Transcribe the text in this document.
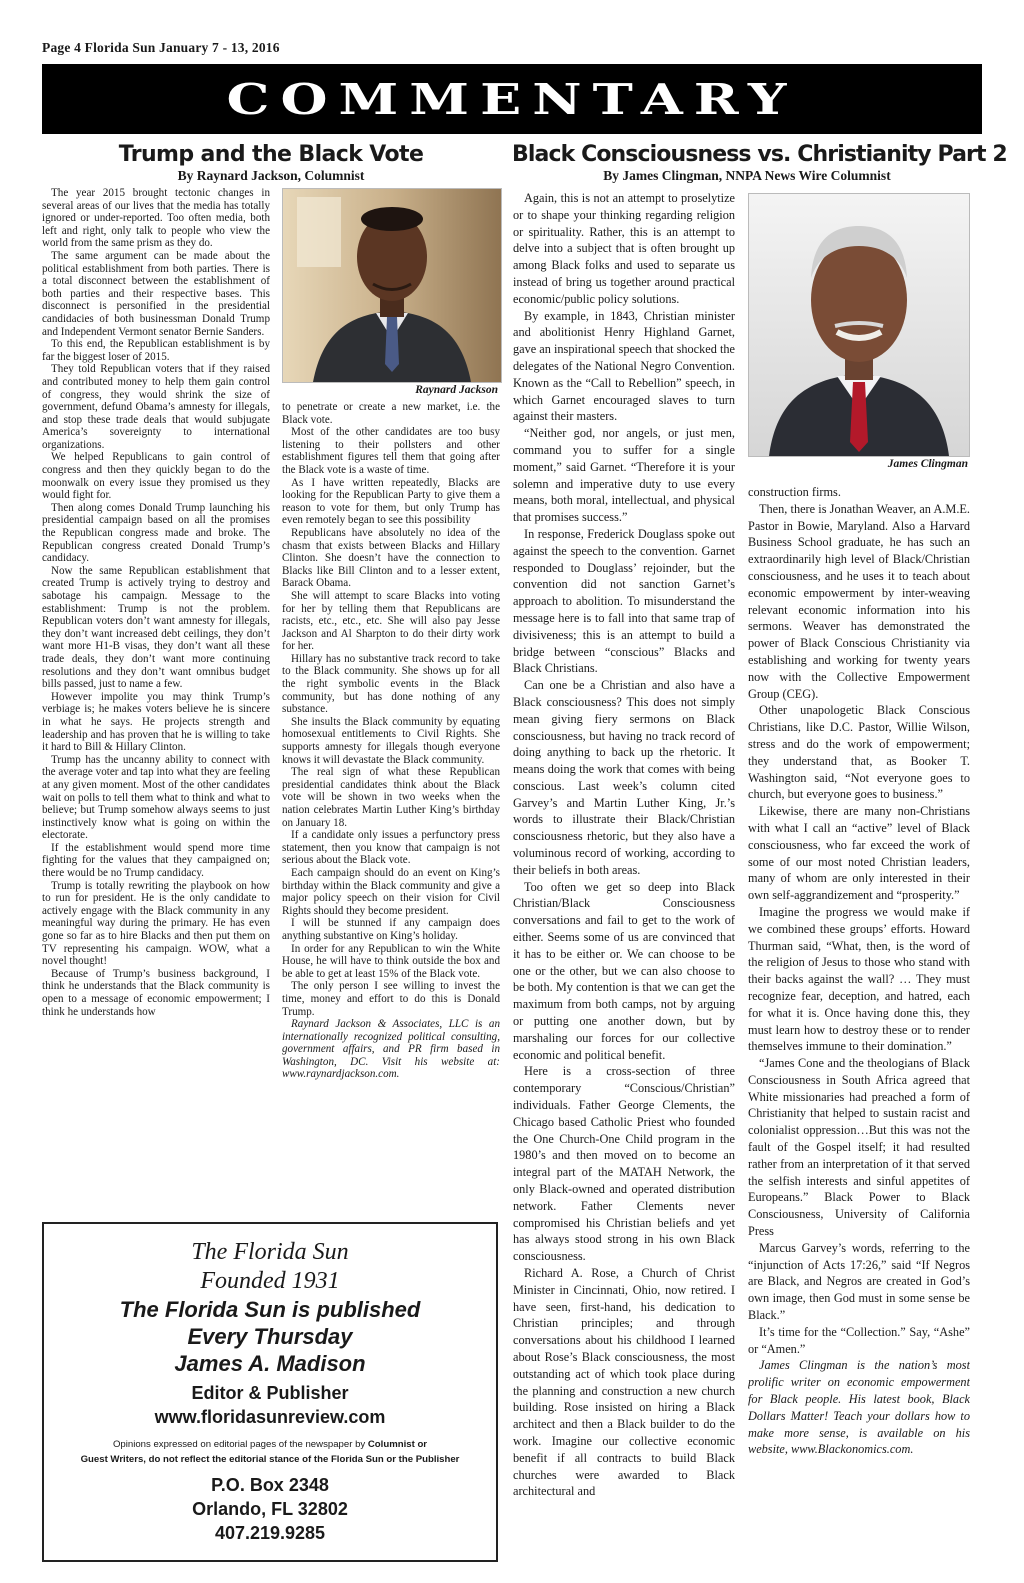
Page 4 Florida Sun January 7 - 13, 2016
COMMENTARY
Trump and the Black Vote
By Raynard Jackson, Columnist

The year 2015 brought tectonic changes in several areas of our lives that the media has totally ignored or under-reported. Too often media, both left and right, only talk to people who view the world from the same prism as they do.

The same argument can be made about the political establishment from both parties. There is a total disconnect between the establishment of both parties and their respective bases. This disconnect is personified in the presidential candidacies of both businessman Donald Trump and Independent Vermont senator Bernie Sanders.

To this end, the Republican establishment is by far the biggest loser of 2015.

They told Republican voters that if they raised and contributed money to help them gain control of congress, they would shrink the size of government, defund Obama’s amnesty for illegals, and stop these trade deals that would subjugate America’s sovereignty to international organizations.

We helped Republicans to gain control of congress and then they quickly began to do the moonwalk on every issue they promised us they would fight for.

Then along comes Donald Trump launching his presidential campaign based on all the promises the Republican congress made and broke. The Republican congress created Donald Trump’s candidacy.

Now the same Republican establishment that created Trump is actively trying to destroy and sabotage his campaign. Message to the establishment: Trump is not the problem. Republican voters don’t want amnesty for illegals, they don’t want increased debt ceilings, they don’t want more H1-B visas, they don’t want all these trade deals, they don’t want more continuing resolutions and they don’t want omnibus budget bills passed, just to name a few.

However impolite you may think Trump’s verbiage is; he makes voters believe he is sincere in what he says. He projects strength and leadership and has proven that he is willing to take it hard to Bill & Hillary Clinton.

Trump has the uncanny ability to connect with the average voter and tap into what they are feeling at any given moment. Most of the other candidates wait on polls to tell them what to think and what to believe; but Trump somehow always seems to just instinctively know what is going on within the electorate.

If the establishment would spend more time fighting for the values that they campaigned on; there would be no Trump candidacy.

Trump is totally rewriting the playbook on how to run for president. He is the only candidate to actively engage with the Black community in any meaningful way during the primary. He has even gone so far as to hire Blacks and then put them on TV representing his campaign. WOW, what a novel thought!

Because of Trump’s business background, I think he understands that the Black community is open to a message of economic empowerment; I think he understands how

Raynard Jackson

to penetrate or create a new market, i.e. the Black vote.

Most of the other candidates are too busy listening to their pollsters and other establishment figures tell them that going after the Black vote is a waste of time.

As I have written repeatedly, Blacks are looking for the Republican Party to give them a reason to vote for them, but only Trump has even remotely began to see this possibility

Republicans have absolutely no idea of the chasm that exists between Blacks and Hillary Clinton. She doesn’t have the connection to Blacks like Bill Clinton and to a lesser extent, Barack Obama.

She will attempt to scare Blacks into voting for her by telling them that Republicans are racists, etc., etc., etc. She will also pay Jesse Jackson and Al Sharpton to do their dirty work for her.

Hillary has no substantive track record to take to the Black community. She shows up for all the right symbolic events in the Black community, but has done nothing of any substance.

She insults the Black community by equating homosexual entitlements to Civil Rights. She supports amnesty for illegals though everyone knows it will devastate the Black community.

The real sign of what these Republican presidential candidates think about the Black vote will be shown in two weeks when the nation celebrates Martin Luther King’s birthday on January 18.

If a candidate only issues a perfunctory press statement, then you know that campaign is not serious about the Black vote.

Each campaign should do an event on King’s birthday within the Black community and give a major policy speech on their vision for Civil Rights should they become president.

I will be stunned if any campaign does anything substantive on King’s holiday.

In order for any Republican to win the White House, he will have to think outside the box and be able to get at least 15% of the Black vote.

The only person I see willing to invest the time, money and effort to do this is Donald Trump.

Raynard Jackson & Associates, LLC is an internationally recognized political consulting, government affairs, and PR firm based in Washington, DC. Visit his website at: www.raynardjackson.com.

The Florida Sun
Founded 1931
The Florida Sun is published
Every Thursday
James A. Madison
Editor & Publisher
www.floridasunreview.com
Opinions expressed on editorial pages of the newspaper by Columnist or
Guest Writers, do not reflect the editorial stance of the Florida Sun or the Publisher
P.O. Box 2348
Orlando, FL 32802
407.219.9285
Black Consciousness vs. Christianity Part 2
By James Clingman, NNPA News Wire Columnist

Again, this is not an attempt to proselytize or to shape your thinking regarding religion or spirituality. Rather, this is an attempt to delve into a subject that is often brought up among Black folks and used to separate us instead of bring us together around practical economic/public policy solutions.

By example, in 1843, Christian minister and abolitionist Henry Highland Garnet, gave an inspirational speech that shocked the delegates of the National Negro Convention. Known as the “Call to Rebellion” speech, in which Garnet encouraged slaves to turn against their masters.

“Neither god, nor angels, or just men, command you to suffer for a single moment,” said Garnet. “Therefore it is your solemn and imperative duty to use every means, both moral, intellectual, and physical that promises success.”

In response, Frederick Douglass spoke out against the speech to the convention. Garnet responded to Douglass’ rejoinder, but the convention did not sanction Garnet’s approach to abolition. To misunderstand the message here is to fall into that same trap of divisiveness; this is an attempt to build a bridge between “conscious” Blacks and Black Christians.

Can one be a Christian and also have a Black consciousness? This does not simply mean giving fiery sermons on Black consciousness, but having no track record of doing anything to back up the rhetoric. It means doing the work that comes with being conscious. Last week’s column cited Garvey’s and Martin Luther King, Jr.’s words to illustrate their Black/Christian consciousness rhetoric, but they also have a voluminous record of working, according to their beliefs in both areas.

Too often we get so deep into Black Christian/Black Consciousness conversations and fail to get to the work of either. Seems some of us are convinced that it has to be either or. We can choose to be one or the other, but we can also choose to be both. My contention is that we can get the maximum from both camps, not by arguing or putting one another down, but by marshaling our forces for our collective economic and political benefit.

Here is a cross-section of three contemporary “Conscious/Christian” individuals. Father George Clements, the Chicago based Catholic Priest who founded the One Church-One Child program in the 1980’s and then moved on to become an integral part of the MATAH Network, the only Black-owned and operated distribution network. Father Clements never compromised his Christian beliefs and yet has always stood strong in his own Black consciousness.

Richard A. Rose, a Church of Christ Minister in Cincinnati, Ohio, now retired. I have seen, first-hand, his dedication to Christian principles; and through conversations about his childhood I learned about Rose’s Black consciousness, the most outstanding act of which took place during the planning and construction a new church building. Rose insisted on hiring a Black architect and then a Black builder to do the work. Imagine our collective economic benefit if all contracts to build Black churches were awarded to Black architectural and

James Clingman

construction firms.

Then, there is Jonathan Weaver, an A.M.E. Pastor in Bowie, Maryland. Also a Harvard Business School graduate, he has such an extraordinarily high level of Black/Christian consciousness, and he uses it to teach about economic empowerment by inter-weaving relevant economic information into his sermons. Weaver has demonstrated the power of Black Conscious Christianity via establishing and working for twenty years now with the Collective Empowerment Group (CEG).

Other unapologetic Black Conscious Christians, like D.C. Pastor, Willie Wilson, stress and do the work of empowerment; they understand that, as Booker T. Washington said, “Not everyone goes to church, but everyone goes to business.”

Likewise, there are many non-Christians with what I call an “active” level of Black consciousness, who far exceed the work of some of our most noted Christian leaders, many of whom are only interested in their own self-aggrandizement and “prosperity.”

Imagine the progress we would make if we combined these groups’ efforts. Howard Thurman said, “What, then, is the word of the religion of Jesus to those who stand with their backs against the wall? … They must recognize fear, deception, and hatred, each for what it is. Once having done this, they must learn how to destroy these or to render themselves immune to their domination.”

“James Cone and the theologians of Black Consciousness in South Africa agreed that White missionaries had preached a form of Christianity that helped to sustain racist and colonialist oppression…But this was not the fault of the Gospel itself; it had resulted rather from an interpretation of it that served the selfish interests and sinful appetites of Europeans.” Black Power to Black Consciousness, University of California Press

Marcus Garvey’s words, referring to the “injunction of Acts 17:26,” said “If Negros are Black, and Negros are created in God’s own image, then God must in some sense be Black.”

It’s time for the “Collection.” Say, “Ashe” or “Amen.”

James Clingman is the nation’s most prolific writer on economic empowerment for Black people. His latest book, Black Dollars Matter! Teach your dollars how to make more sense, is available on his website, www.Blackonomics.com.
